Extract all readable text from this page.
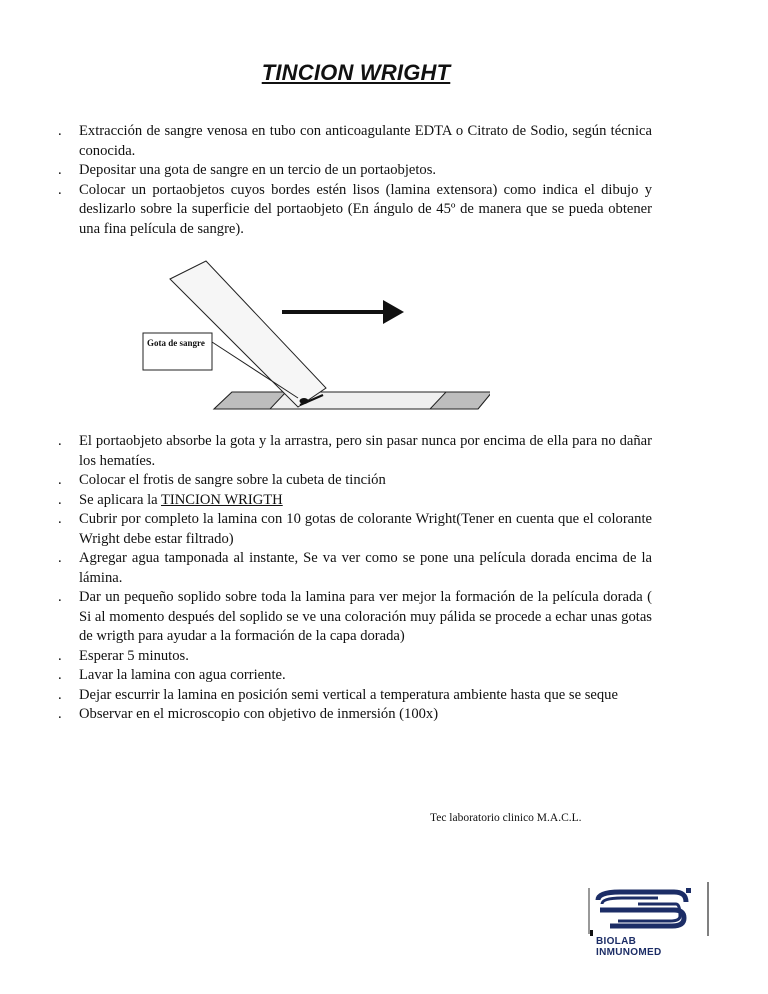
TINCION WRIGHT
. Extracción de sangre venosa en tubo con anticoagulante EDTA o Citrato de Sodio, según técnica conocida.
. Depositar una gota de sangre en un tercio de un portaobjetos.
. Colocar un portaobjetos cuyos bordes estén lisos (lamina extensora) como indica el dibujo y deslizarlo sobre la superficie del portaobjeto (En ángulo de 45º de manera que se pueda obtener una fina película de sangre).
Gota de sangre
. El portaobjeto absorbe la gota y la arrastra, pero sin pasar nunca por encima de ella para no dañar los hematíes.
. Colocar el frotis de sangre sobre la cubeta de tinción
. Se aplicara la TINCION WRIGTH
. Cubrir por completo la lamina con 10 gotas de colorante Wright(Tener en cuenta que el colorante Wright debe estar filtrado)
. Agregar agua tamponada al instante, Se va ver como se pone una película dorada encima de la lámina.
. Dar un pequeño soplido sobre toda la lamina para ver mejor la formación de la película dorada ( Si al momento después del soplido se ve una coloración muy pálida se procede a echar unas gotas de wrigth para ayudar a la formación de la capa dorada)
. Esperar 5 minutos.
. Lavar la lamina con agua corriente.
. Dejar escurrir la lamina en posición semi vertical a temperatura ambiente hasta que se seque
. Observar en el microscopio con objetivo de inmersión (100x)
Tec laboratorio clinico M.A.C.L.
BIOLAB
INMUNOMED
